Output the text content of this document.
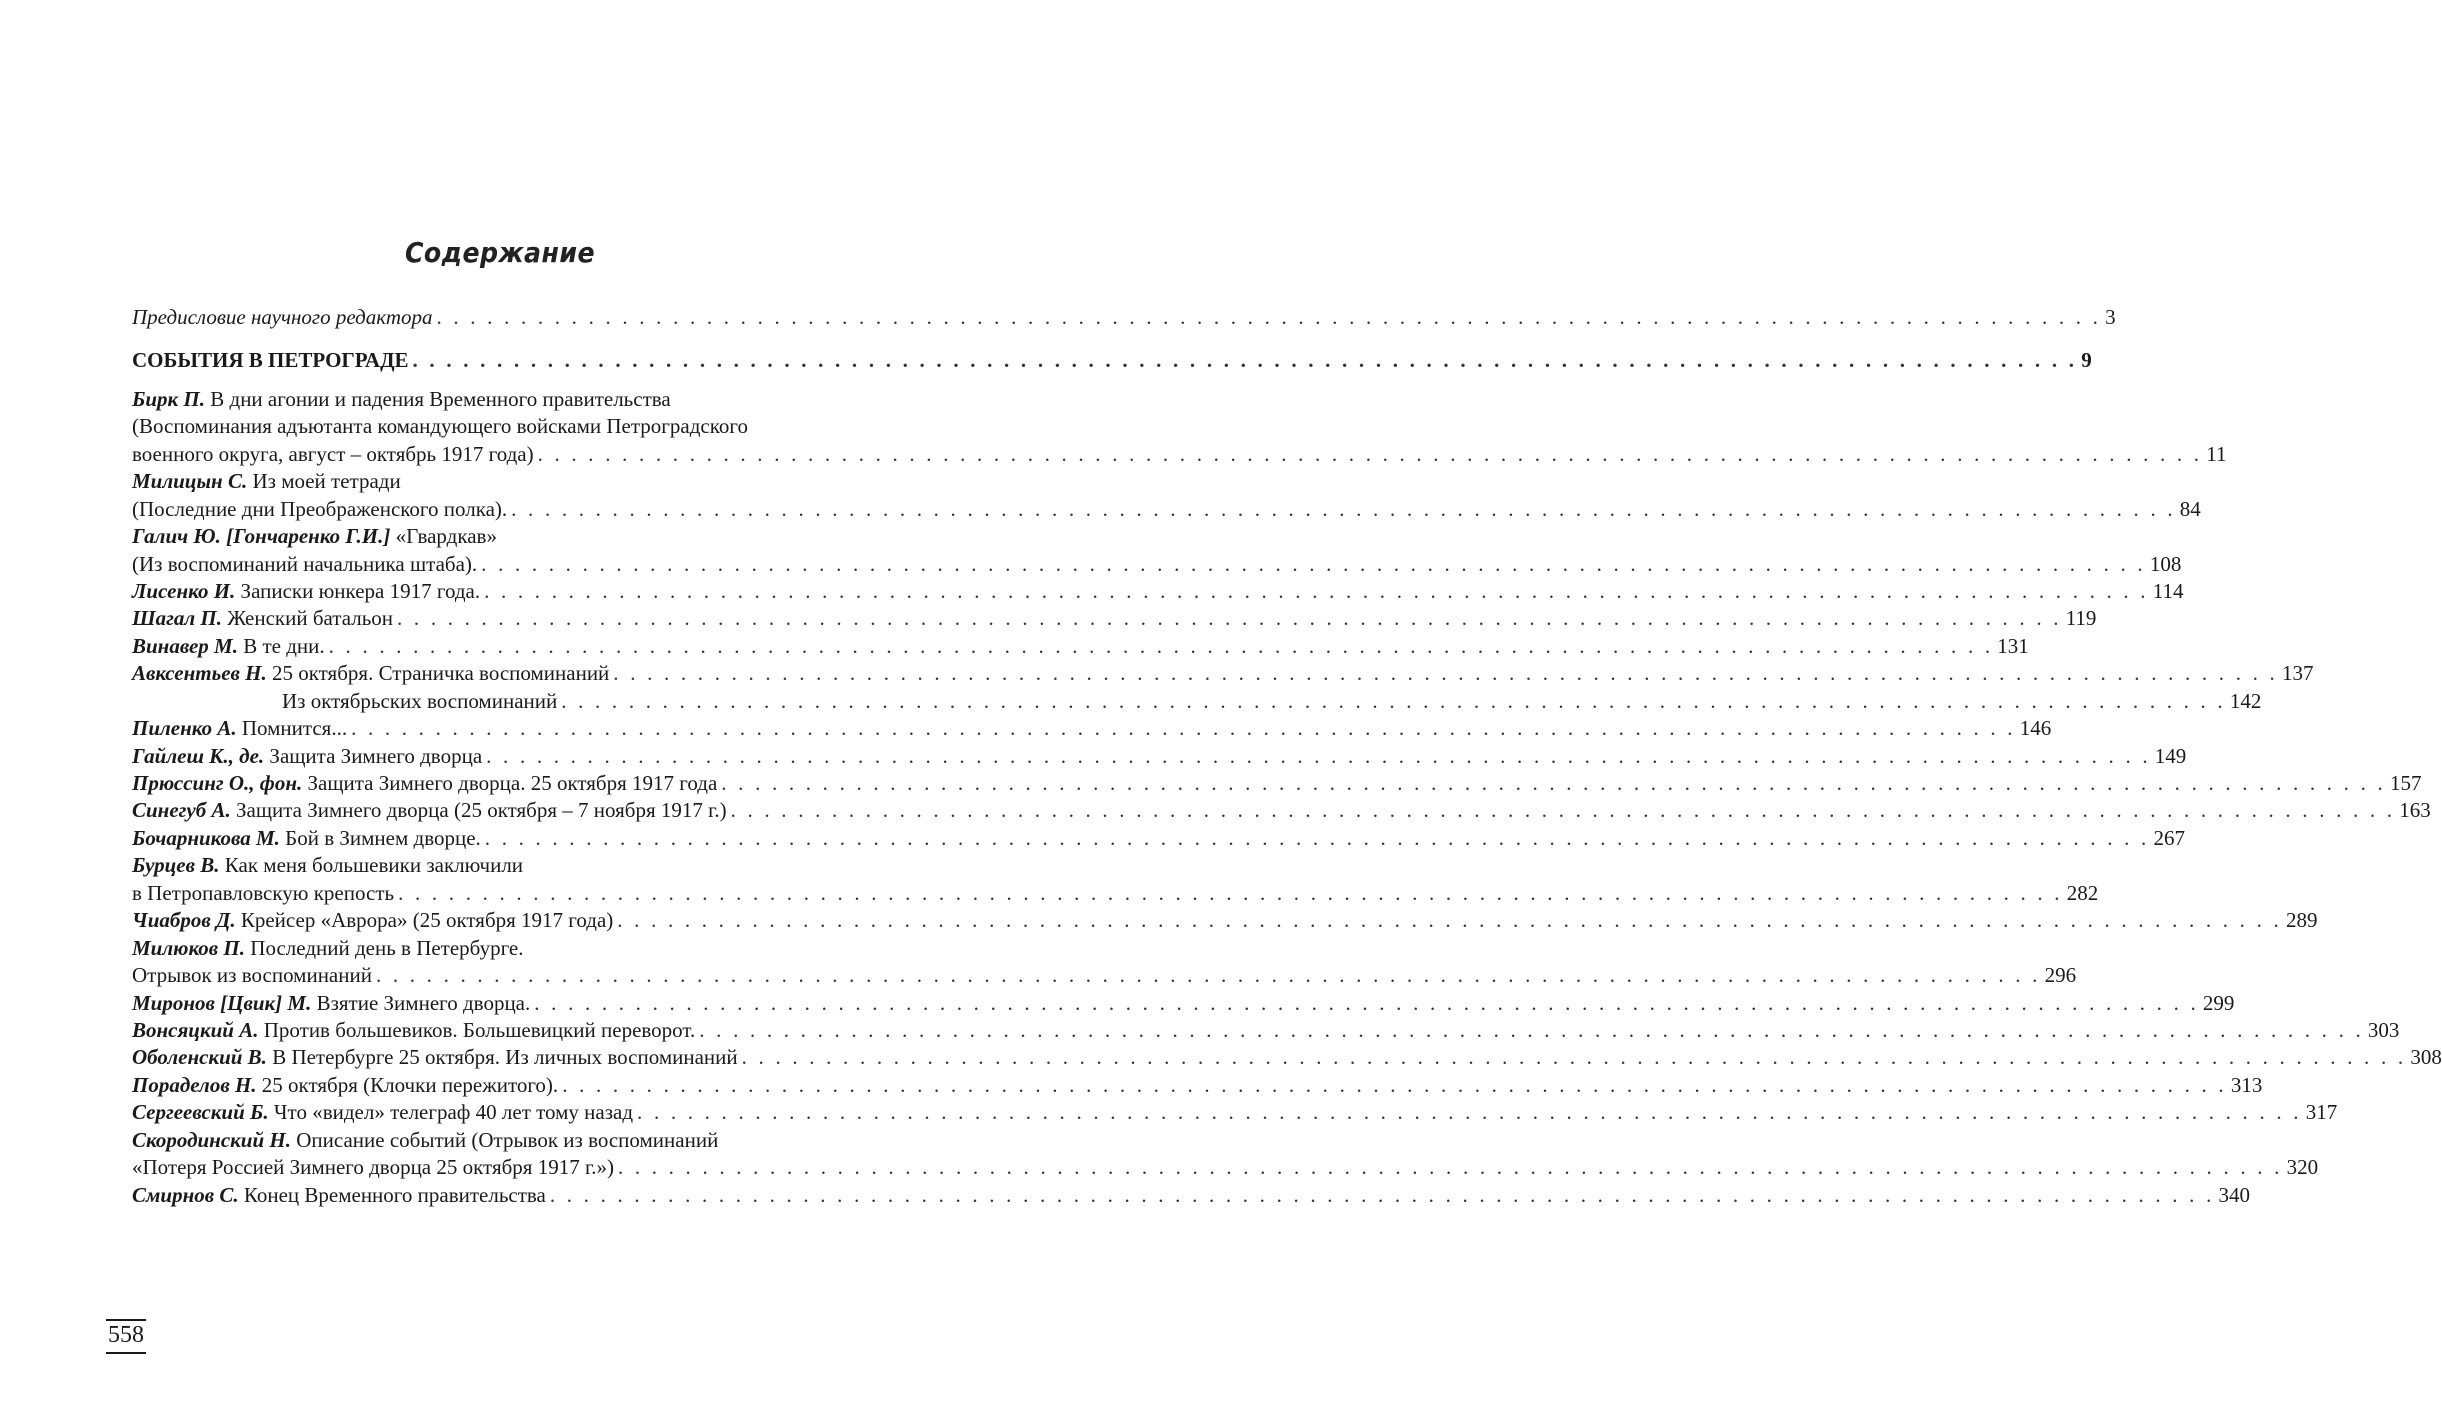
Содержание
Предисловие научного редактора . . .	3
СОБЫТИЯ В ПЕТРОГРАДЕ . . .	9
Бирк П. В дни агонии и падения Временного правительства
(Воспоминания адъютанта командующего войсками Петроградского
военного округа, август – октябрь 1917 года) . . .	11
Милицын С. Из моей тетради
(Последние дни Преображенского полка). . . .	84
Галич Ю. [Гончаренко Г.И.] «Гвардкав»
(Из воспоминаний начальника штаба). . . .	108
Лисенко И. Записки юнкера 1917 года. . . .	114
Шагал П. Женский батальон . . .	119
Винавер М. В те дни. . . .	131
Авксентьев Н. 25 октября. Страничка воспоминаний . . .	137
Из октябрьских воспоминаний . . .	142
Пиленко А. Помнится... . . .	146
Гайлеш К., де. Защита Зимнего дворца . . .	149
Прюссинг О., фон. Защита Зимнего дворца. 25 октября 1917 года . . .	157
Синегуб А. Защита Зимнего дворца (25 октября – 7 ноября 1917 г.) . . .	163
Бочарникова М. Бой в Зимнем дворце. . . .	267
Бурцев В. Как меня большевики заключили
в Петропавловскую крепость . . .	282
Чиабров Д. Крейсер «Аврора» (25 октября 1917 года) . . .	289
Милюков П. Последний день в Петербурге.
Отрывок из воспоминаний . . .	296
Миронов [Цвик] М. Взятие Зимнего дворца. . . .	299
Вонсяцкий А. Против большевиков. Большевицкий переворот. . . .	303
Оболенский В. В Петербурге 25 октября. Из личных воспоминаний . . .	308
Пораделов Н. 25 октября (Клочки пережитого). . . .	313
Сергеевский Б. Что «видел» телеграф 40 лет тому назад . . .	317
Скородинский Н. Описание событий (Отрывок из воспоминаний
«Потеря Россией Зимнего дворца 25 октября 1917 г.») . . .	320
Смирнов С. Конец Временного правительства . . .	340
558
